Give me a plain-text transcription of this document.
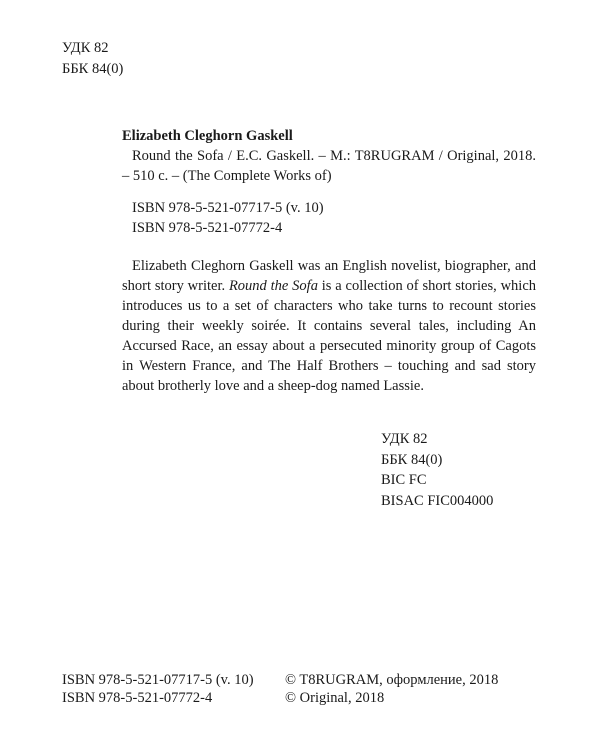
УДК 82
ББК 84(0)
Elizabeth Cleghorn Gaskell
Round the Sofa / E.C. Gaskell. – M.: T8RUGRAM / Original, 2018. – 510 с. – (The Complete Works of)
ISBN 978-5-521-07717-5 (v. 10)
ISBN 978-5-521-07772-4

Elizabeth Cleghorn Gaskell was an English novelist, biographer, and short story writer. Round the Sofa is a collection of short stories, which introduces us to a set of characters who take turns to recount stories during their weekly soirée. It contains several tales, including An Accursed Race, an essay about a persecuted minority group of Cagots in Western France, and The Half Brothers – touching and sad story about brotherly love and a sheep-dog named Lassie.

УДК 82
ББК 84(0)
BIC FC
BISAC FIC004000
ISBN 978-5-521-07717-5 (v. 10)
ISBN 978-5-521-07772-4
© T8RUGRAM, оформление, 2018
© Original, 2018
